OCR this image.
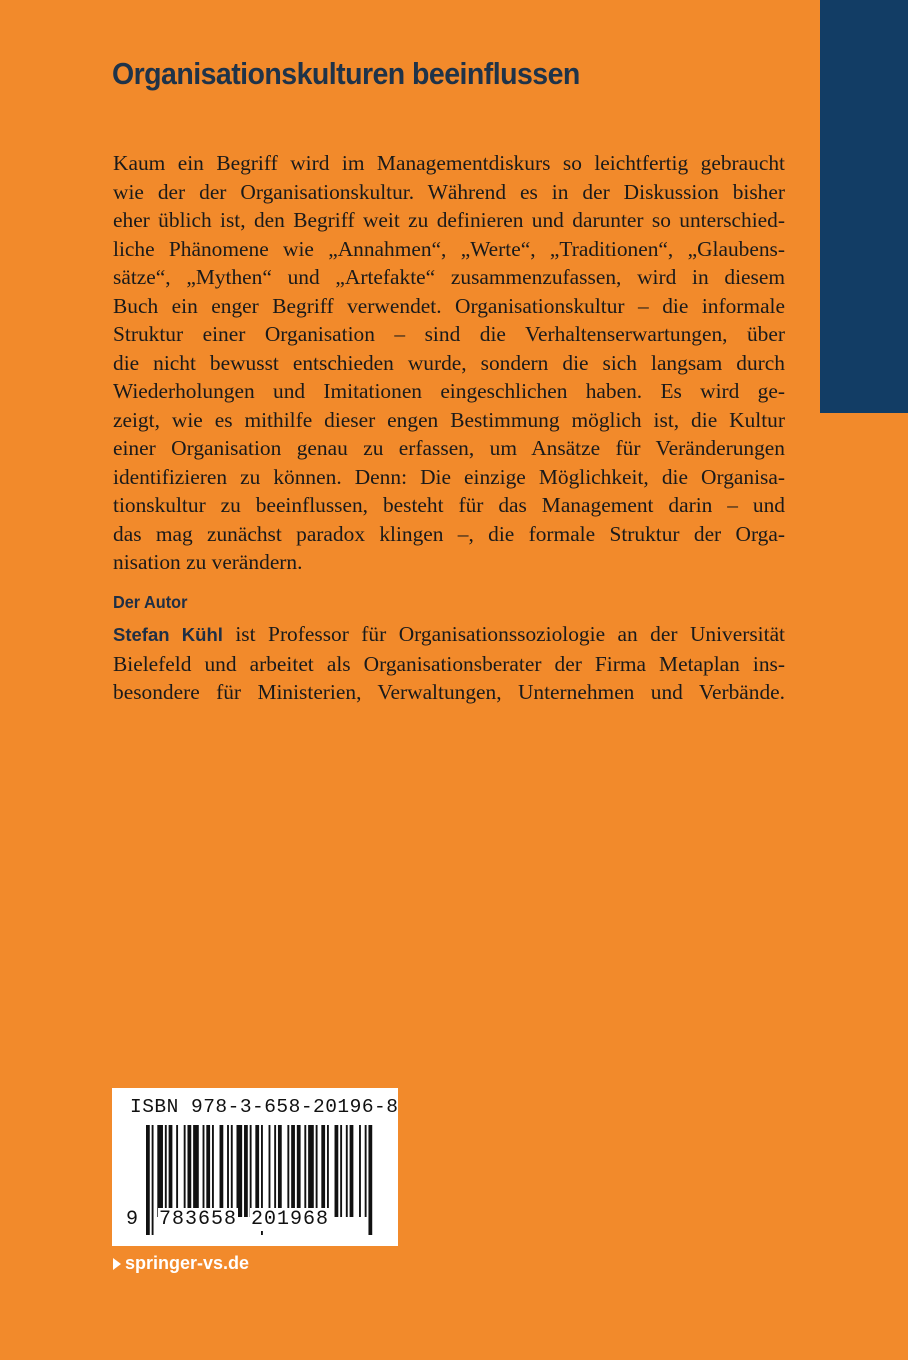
Organisationskulturen beeinflussen
Kaum ein Begriff wird im Managementdiskurs so leichtfertig gebraucht
wie der der Organisationskultur. Während es in der Diskussion bisher
eher üblich ist, den Begriff weit zu definieren und darunter so unterschied-
liche Phänomene wie „Annahmen“, „Werte“, „Traditionen“, „Glaubens-
sätze“, „Mythen“ und „Artefakte“ zusammenzufassen, wird in diesem
Buch ein enger Begriff verwendet. Organisationskultur – die informale
Struktur einer Organisation – sind die Verhaltenserwartungen, über
die nicht bewusst entschieden wurde, sondern die sich langsam durch
Wiederholungen und Imitationen eingeschlichen haben. Es wird ge-
zeigt, wie es mithilfe dieser engen Bestimmung möglich ist, die Kultur
einer Organisation genau zu erfassen, um Ansätze für Veränderungen
identifizieren zu können. Denn: Die einzige Möglichkeit, die Organisa-
tionskultur zu beeinflussen, besteht für das Management darin – und
das mag zunächst paradox klingen –, die formale Struktur der Orga-
nisation zu verändern.
Der Autor
Stefan Kühl ist Professor für Organisationssoziologie an der Universität
Bielefeld und arbeitet als Organisationsberater der Firma Metaplan ins-
besondere für Ministerien, Verwaltungen, Unternehmen und Verbände.
ISBN 978-3-658-20196-8
9 783658 201968
springer-vs.de
